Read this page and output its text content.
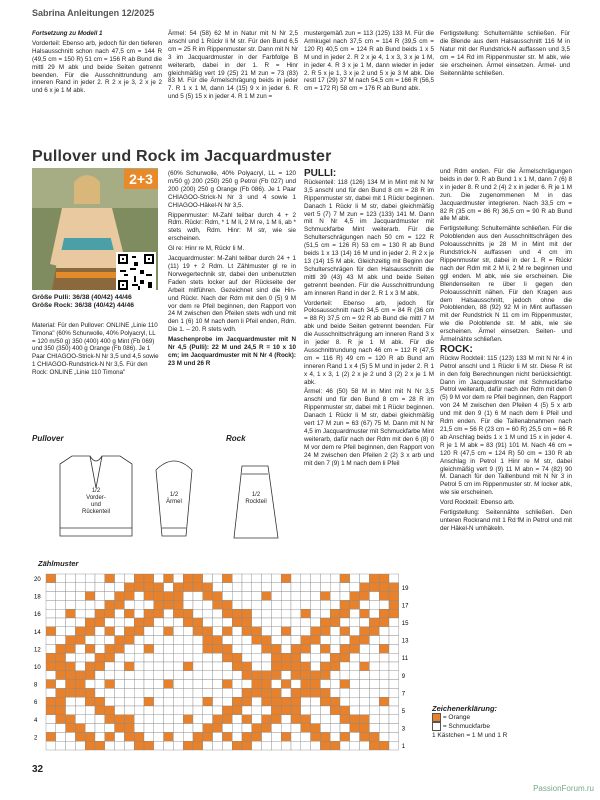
Sabrina Anleitungen 12/2025

Fortsetzung zu Modell 1

Vorderteil: Ebenso arb, jedoch für den tieferen Halsausschnitt schon nach 47,5 cm = 144 R (49,5 cm = 150 R) 51 cm = 156 R ab Bund die mittl 29 M abk und beide Seiten getrennt beenden. Für die Ausschnittrundung am inneren Rand in jeder 2. R 2 x je 3, 2 x je 2 und 6 x je 1 M abk.

Ärmel: 54 (58) 62 M in Natur mit N Nr 2,5 anschl und 1 Rückr li M str. Für den Bund 6,5 cm = 25 R im Rippenmuster str. Dann mit N Nr 3 im Jacquardmuster in der Farbfolge B weiterarb, dabei in der 1. R = Hinr gleichmäßig vert 19 (25) 21 M zun = 73 (83) 83 M. Für die Ärmelschrägung beids in jeder 7. R 1 x 1 M, dann 14 (15) 9 x in jeder 6. R und 5 (5) 15 x in jeder 4. R 1 M zun =

mustergemäß zun = 113 (125) 133 M. Für die Armkugel nach 37,5 cm = 114 R (39,5 cm = 120 R) 40,5 cm = 124 R ab Bund beids 1 x 5 M und in jeder 2. R 2 x je 4, 1 x 3, 3 x je 1 M, in jeder 4. R 3 x je 1 M, dann wieder in jeder 2. R 5 x je 1, 3 x je 2 und 5 x je 3 M abk. Die restl 17 (29) 37 M nach 54,5 cm = 166 R (56,5 cm = 172 R) 58 cm = 176 R ab Bund abk.

Fertigstellung: Schulternähte schließen. Für die Blende aus dem Halsausschnitt 116 M in Natur mit der Rundstrick-N auffassen und 3,5 cm = 14 Rd im Rippenmuster str. M abk, wie sie erscheinen. Ärmel einsetzen. Ärmel- und Seitennähte schließen.

Pullover und Rock im Jacquardmuster
2+3
Größe Pulli: 36/38 (40/42) 44/46
Größe Rock: 36/38 (40/42) 44/46
Material: Für den Pullover: ONLINE „Linie 110 Timona" (60% Schurwolle, 40% Polyacryl, LL = 120 m/50 g) 350 (400) 400 g Mint (Fb 069) und 350 (350) 400 g Orange (Fb 086). Je 1 Paar CHIAGOO-Strick-N Nr 3,5 und 4,5 sowie 1 CHIAGOO-Rundstrick-N Nr 3,5. Für den Rock: ONLINE „Linie 110 Timona"

(60% Schurwolle, 40% Polyacryl, LL = 120 m/50 g) 200 (250) 250 g Petrol (Fb 027) und 200 (200) 250 g Orange (Fb 086). Je 1 Paar CHIAGOO-Strick-N Nr 3 und 4 sowie 1 CHIAGOO-Häkel-N Nr 3,5.

Rippenmuster: M-Zahl teilbar durch 4 + 2 Rdm. Rückr: Rdm, * 1 M li, 2 M re, 1 M li, ab * stets wdh, Rdm. Hinr: M str, wie sie erscheinen.

Gl re: Hinr re M, Rückr li M.

Jacquardmuster: M-Zahl teilbar durch 24 + 1 (11) 19 + 2 Rdm. Lt Zählmuster gl re in Norwegertechnik str, dabei den unbenutzten Faden stets locker auf der Rückseite der Arbeit mitführen. Gezeichnet sind die Hin- und Rückr. Nach der Rdm mit den 0 (5) 9 M vor dem re Pfeil beginnen, den Rapport von 24 M zwischen den Pfeilen stets wdh und mit den 1 (6) 10 M nach dem li Pfeil enden, Rdm. Die 1. – 20. R stets wdh.

Maschenprobe im Jacquardmuster mit N Nr 4,5 (Pulli): 22 M und 24,5 R = 10 x 10 cm; im Jacquardmuster mit N Nr 4 (Rock): 23 M und 26 R

PULLI:

Rückenteil: 118 (126) 134 M in Mint mit N Nr 3,5 anschl und für den Bund 8 cm = 28 R im Rippenmuster str, dabei mit 1 Rückr beginnen. Danach 1 Rückr li M str, dabei gleichmäßig vert 5 (7) 7 M zun = 123 (133) 141 M. Dann mit N Nr 4,5 im Jacquardmuster mit Schmuckfarbe Mint weiterarb. Für die Schulterschrägungen nach 50 cm = 122 R (51,5 cm = 126 R) 53 cm = 130 R ab Bund beids 1 x 13 (14) 16 M und in jeder 2. R 2 x je 13 (14) 15 M abk. Gleichzeitig mit Beginn der Schulterschrägen für den Halsausschnitt die mittl 39 (43) 43 M abk und beide Seiten getrennt beenden. Für die Ausschnittrundung am inneren Rand in der 2. R 1 x 3 M abk.

Vorderteil: Ebenso arb, jedoch für Polosausschnitt nach 34,5 cm = 84 R (36 cm = 88 R) 37,5 cm = 92 R ab Bund die mittl 7 M abk und beide Seiten getrennt beenden. Für die Ausschnittschrägung am inneren Rand 3 x in jeder 8. R je 1 M abk. Für die Ausschnittrundung nach 46 cm = 112 R (47,5 cm = 116 R) 49 cm = 120 R ab Bund am inneren Rand 1 x 4 (5) 5 M und in jeder 2. R 1 x 4, 1 x 3, 1 (2) 2 x je 2 und 3 (2) 2 x je 1 M abk.

Ärmel: 46 (50) 58 M in Mint mit N Nr 3,5 anschl und für den Bund 8 cm = 28 R im Rippenmuster str, dabei mit 1 Rückr beginnen. Danach 1 Rückr li M str, dabei gleichmäßig vert 17 M zun = 63 (67) 75 M. Dann mit N Nr 4,5 im Jacquardmuster mit Schmuckfarbe Mint weiterarb, dafür nach der Rdm mit den 6 (8) 0 M vor dem re Pfeil beginnen, den Rapport von 24 M zwischen den Pfeilen 2 (2) 3 x arb und mit den 7 (9) 1 M nach dem li Pfeil

und Rdm enden. Für die Ärmelschrägungen beids in der 9. R ab Bund 1 x 1 M, dann 7 (6) 8 x in jeder 8. R und 2 (4) 2 x in jeder 6. R je 1 M zun. Die zugenommenen M in das Jacquardmuster integrieren. Nach 33,5 cm = 82 R (35 cm = 86 R) 36,5 cm = 90 R ab Bund alle M abk.

Fertigstellung: Schulternähte schließen. Für die Poloblenden aus den Ausschnittschrägen des Poloausschnitts je 28 M in Mint mit der Rundstrick-N auffassen und 4 cm im Rippenmuster str, dabei in der 1. R = Rückr nach der Rdm mit 2 M li, 2 M re beginnen und ggl enden. M abk, wie sie erscheinen. Die Blendenseiten re über li gegen den Poloausschnitt nähen. Für den Kragen aus dem Halsausschnitt, jedoch ohne die Poloblenden, 88 (92) 92 M in Mint auffassen mit der Rundstrick N 11 cm im Rippenmuster, wie die Poloblende str. M abk, wie sie erscheinen. Ärmel einsetzen. Seiten- und Ärmelnähte schließen.

ROCK:

Rückw Rockteil: 115 (123) 133 M mit N Nr 4 in Petrol anschl und 1 Rückr li M str. Diese R ist in den folg Berechnungen nicht berücksichtigt. Dann im Jacquardmuster mit Schmuckfarbe Petrol weiterarb, dafür nach der Rdm mit den 0 (5) 9 M vor dem re Pfeil beginnen, den Rapport von 24 M zwischen den Pfeilen 4 (5) 5 x arb und mit den 9 (1) 6 M nach dem li Pfeil und Rdm enden. Für die Taillenabnahmen nach 21,5 cm = 56 R (23 cm = 60 R) 25,5 cm = 66 R ab Anschlag beids 1 x 1 M und 15 x in jeder 4. R je 1 M abk = 83 (91) 101 M. Nach 46 cm = 120 R (47,5 cm = 124 R) 50 cm = 130 R ab Anschlag in Petrol 1 Hinr re M str, dabei gleichmäßig vert 9 (9) 11 M abn = 74 (82) 90 M. Danach für den Taillenbund mit N Nr 3 in Petrol 5 cm im Rippenmuster str. M locker abk, wie sie erscheinen.

Vord Rockteil: Ebenso arb.

Fertigstellung: Seitennähte schließen. Den unteren Rockrand mit 1 Rd fM in Petrol und mit der Häkel-N umhäkeln.

Pullover	Rock
1/2
Vorder-
und
Rückenteil
1/2
Ärmel
1/2
Rockteil
Zählmuster
20
18
16
14
12
10
8
6
4
2
19
17
15
13
11
9
7
5
3
1
Zeichenerklärung:
= Orange
= Schmuckfarbe
1 Kästchen = 1 M und 1 R
32
PassionForum.ru
